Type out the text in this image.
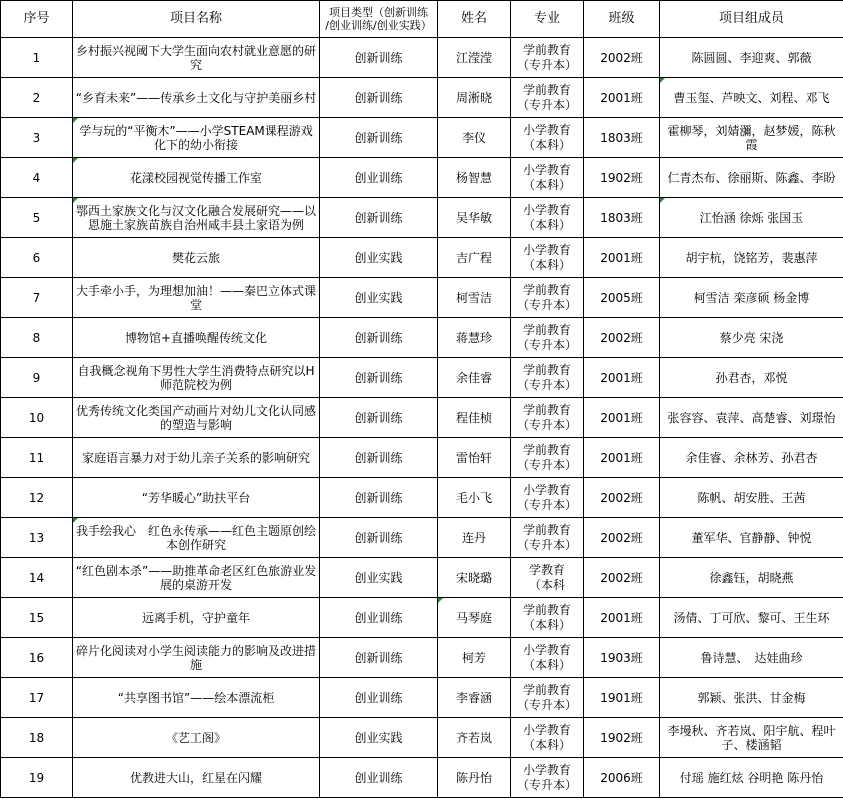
序号	项目名称	项目类型（创新训练
/创业训练/创业实践）	姓名	专业	班级	项目组成员
1	乡村振兴视阈下大学生面向农村就业意愿的研究	创新训练	江滢滢	学前教育
（专升本）	2002班	陈圆圆、李迎爽、郭薇
2	“乡育未来”——传承乡土文化与守护美丽乡村	创新训练	周淅晓	学前教育
（专升本）	2001班	曹玉玺、芦映文、刘程、邓飞
3	学与玩的“平衡木”——小学STEAM课程游戏化下的幼小衔接	创新训练	李仪	小学教育
（本科）	1803班	霍柳琴，刘婧瀰，赵梦媛，陈秋霞
4	花漾校园视觉传播工作室	创业训练	杨智慧	小学教育
（本科）	1902班	仁青杰布、徐丽斯、陈鑫、李盼
5	鄂西土家族文化与汉文化融合发展研究——以恩施土家族苗族自治州咸丰县土家语为例	创新训练	吴华敏	小学教育
（本科）	1803班	江怡涵 徐烁 张国玉
6	樊花云旅	创业实践	吉广程	小学教育
（本科）	2001班	胡宇杭，饶铭芳，裴惠萍
7	大手牵小手，为理想加油！——秦巴立体式课堂	创业实践	柯雪洁	学前教育
（专升本）	2005班	柯雪洁 栾彦硕 杨金博
8	博物馆+直播唤醒传统文化	创新训练	蒋慧珍	学前教育
（专升本）	2002班	蔡少亮 宋浇
9	自我概念视角下男性大学生消费特点研究以H师范院校为例	创新训练	余佳睿	学前教育
（专升本）	2001班	孙君杏，邓悦
10	优秀传统文化类国产动画片对幼儿文化认同感的塑造与影响	创新训练	程佳桢	学前教育
（专升本）	2001班	张容容、袁萍、高楚睿、刘璟怡
11	家庭语言暴力对于幼儿亲子关系的影响研究	创新训练	雷怡轩	学前教育
（专升本）	2001班	余佳睿、余林芳、孙君杏
12	“芳华暖心”助扶平台	创新训练	毛小飞	小学教育
（专升本）	2002班	陈帆、胡安胜、王茜
13	我手绘我心　红色永传承——红色主题原创绘本创作研究	创新训练	连丹	学前教育
（专升本）	2002班	董军华、官静静、钟悦
14	“红色剧本杀”——助推革命老区红色旅游业发展的桌游开发	创业实践	宋晓璐	学教育
（本科	2002班	徐鑫钰，胡晓燕
15	远离手机，守护童年	创业训练	马琴庭	学前教育
（本科）	2001班	汤倩、丁可欣、黎可、王生环
16	碎片化阅读对小学生阅读能力的影响及改进措施	创新训练	柯芳	小学教育
（本科）	1903班	鲁诗慧、　达娃曲珍
17	“共享图书馆”——绘本漂流柜	创业训练	李睿涵	学前教育
（专升本）	1901班	郭颖、张洪、甘金梅
18	《艺工阁》	创业实践	齐若岚	小学教育
（本科）	1902班	李墁秋、齐若岚、阳宇航、程叶子、楼涵韬
19	优教进大山，红星在闪耀	创业训练	陈丹怡	小学教育
（专升本）	2006班	付瑶 施红炫 谷明艳 陈丹怡
